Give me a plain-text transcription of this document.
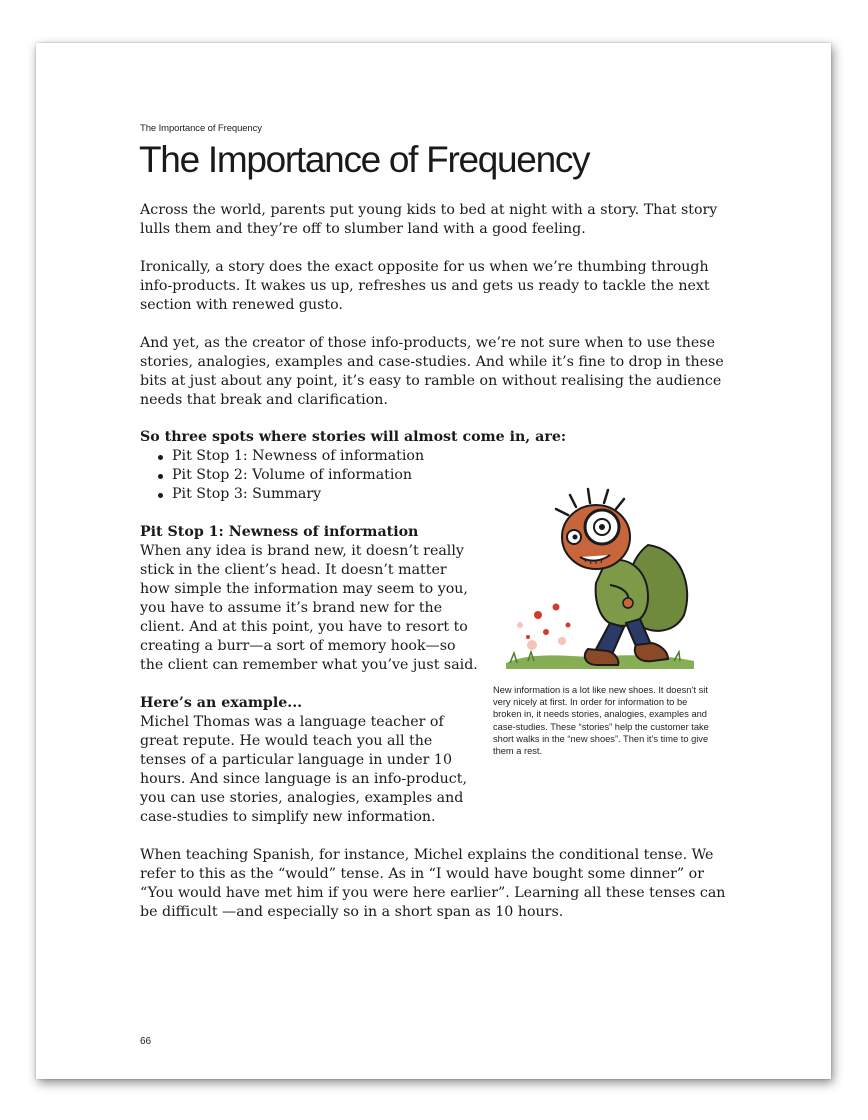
The Importance of Frequency
The Importance of Frequency

Across the world, parents put young kids to bed at night with a story. That story lulls them and they’re off to slumber land with a good feeling.

Ironically, a story does the exact opposite for us when we’re thumbing through info-products. It wakes us up, refreshes us and gets us ready to tackle the next section with renewed gusto.

And yet, as the creator of those info-products, we’re not sure when to use these stories, analogies, examples and case-studies. And while it’s fine to drop in these bits at just about any point, it’s easy to ramble on without realising the audience needs that break and clarification.

So three spots where stories will almost come in, are:

Pit Stop 1: Newness of information
Pit Stop 2: Volume of information
Pit Stop 3: Summary

Pit Stop 1: Newness of information

When any idea is brand new, it doesn’t really stick in the client’s head. It doesn’t matter how simple the information may seem to you, you have to assume it’s brand new for the client. And at this point, you have to resort to creating a burr—a sort of memory hook—so the client can remember what you’ve just said.

New information is a lot like new shoes. It doesn’t sit very nicely at first. In order for information to be broken in, it needs stories, analogies, examples and case-studies. These “stories” help the customer take short walks in the “new shoes”. Then it’s time to give them a rest.

Here’s an example...

Michel Thomas was a language teacher of great repute. He would teach you all the tenses of a particular language in under 10 hours. And since language is an info-product, you can use stories, analogies, examples and case-studies to simplify new information.

When teaching Spanish, for instance, Michel explains the conditional tense. We refer to this as the “would” tense. As in “I would have bought some dinner” or “You would have met him if you were here earlier”. Learning all these tenses can be difficult —and especially so in a short span as 10 hours.

66
